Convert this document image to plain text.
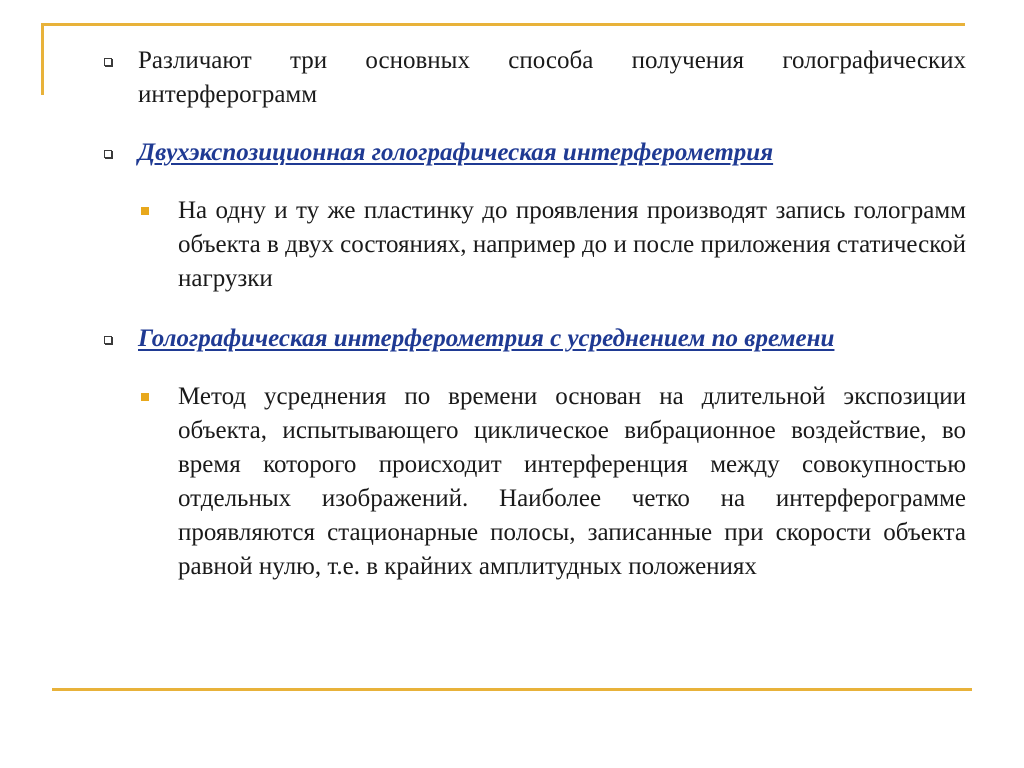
Различают три основных способа получения голографических интерферограмм
Двухэкспозиционная голографическая интерферометрия
На одну и ту же пластинку до проявления производят запись голограмм объекта в двух состояниях, например до и после приложения статической нагрузки
Голографическая интерферометрия с усреднением по времени
Метод усреднения по времени основан на длительной экспозиции объекта, испытывающего циклическое вибрационное воздействие, во время которого происходит интерференция между совокупностью отдельных изображений. Наиболее четко на интерферограмме проявляются стационарные полосы, записанные при скорости объекта равной нулю, т.е. в крайних амплитудных положениях
